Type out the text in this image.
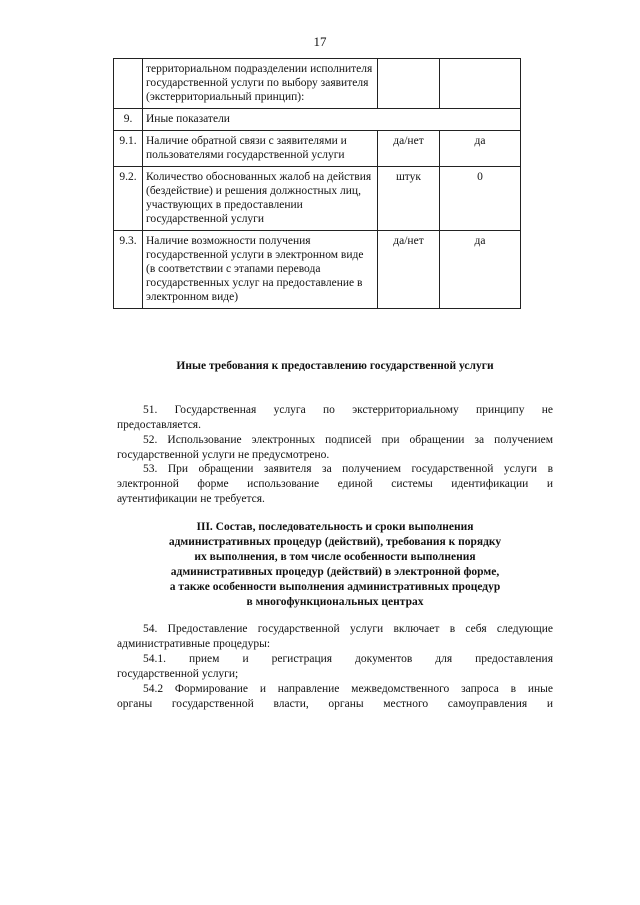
17
	территориальном подразделении исполнителя государственной услуги по выбору заявителя (экстерриториальный принцип):		
9.	Иные показатели		
9.1.	Наличие обратной связи с заявителями и пользователями государственной услуги	да/нет	да
9.2.	Количество обоснованных жалоб на действия (бездействие) и решения должностных лиц, участвующих в предоставлении государственной услуги	штук	0
9.3.	Наличие возможности получения государственной услуги в электронном виде (в соответствии с этапами перевода государственных услуг на предоставление в электронном виде)	да/нет	да
Иные требования к предоставлению государственной услуги
51. Государственная услуга по экстерриториальному принципу не
предоставляется.
52. Использование электронных подписей при обращении за получением
государственной услуги не предусмотрено.
53. При обращении заявителя за получением государственной услуги в
электронной форме использование единой системы идентификации и
аутентификации не требуется.
III. Состав, последовательность и сроки выполнения
административных процедур (действий), требования к порядку
их выполнения, в том числе особенности выполнения
административных процедур (действий) в электронной форме,
а также особенности выполнения административных процедур
в многофункциональных центрах
54. Предоставление государственной услуги включает в себя следующие
административные процедуры:
54.1. прием и регистрация документов для предоставления
государственной услуги;
54.2 Формирование и направление межведомственного запроса в иные
органы государственной власти, органы местного самоуправления и
